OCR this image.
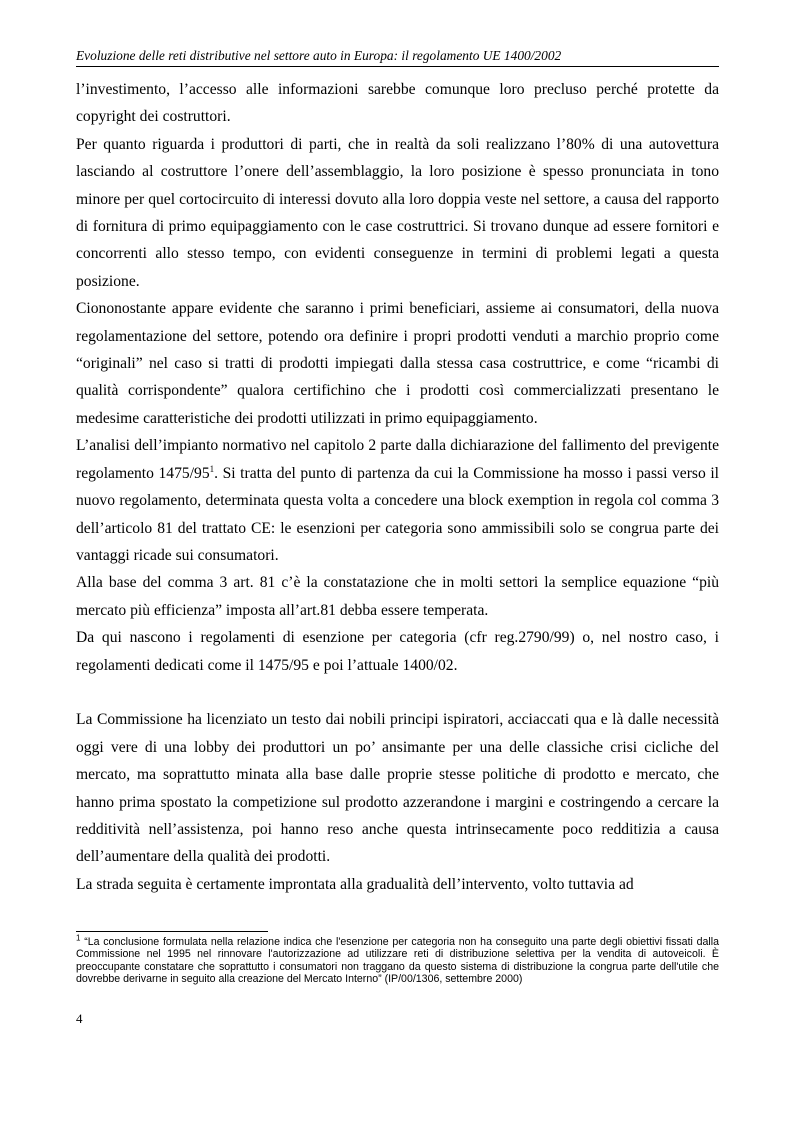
Evoluzione delle reti distributive nel settore auto in Europa: il regolamento UE 1400/2002

l’investimento, l’accesso alle informazioni sarebbe comunque loro precluso perché protette da copyright dei costruttori.

Per quanto riguarda i produttori di parti, che in realtà da soli realizzano l’80% di una autovettura lasciando al costruttore l’onere dell’assemblaggio, la loro posizione è spesso pronunciata in tono minore per quel cortocircuito di interessi dovuto alla loro doppia veste nel settore, a causa del rapporto di fornitura di primo equipaggiamento con le case costruttrici. Si trovano dunque ad essere fornitori e concorrenti allo stesso tempo, con evidenti conseguenze in termini di problemi legati a questa posizione.

Ciononostante appare evidente che saranno i primi beneficiari, assieme ai consumatori, della nuova regolamentazione del settore, potendo ora definire i propri prodotti venduti a marchio proprio come “originali” nel caso si tratti di prodotti impiegati dalla stessa casa costruttrice, e come “ricambi di qualità corrispondente” qualora certifichino che i prodotti così commercializzati presentano le medesime caratteristiche dei prodotti utilizzati in primo equipaggiamento.

L’analisi dell’impianto normativo nel capitolo 2 parte dalla dichiarazione del fallimento del previgente regolamento $1475/95^1$. Si tratta del punto di partenza da cui la Commissione ha mosso i passi verso il nuovo regolamento, determinata questa volta a concedere una block exemption in regola col comma 3 dell’articolo 81 del trattato CE: le esenzioni per categoria sono ammissibili solo se congrua parte dei vantaggi ricade sui consumatori.

Alla base del comma 3 art. 81 c’è la constatazione che in molti settori la semplice equazione “più mercato più efficienza” imposta all’art.81 debba essere temperata.

Da qui nascono i regolamenti di esenzione per categoria (cfr reg.2790/99) o, nel nostro caso, i regolamenti dedicati come il 1475/95 e poi l’attuale 1400/02.

La Commissione ha licenziato un testo dai nobili principi ispiratori, acciaccati qua e là dalle necessità oggi vere di una lobby dei produttori un po’ ansimante per una delle classiche crisi cicliche del mercato, ma soprattutto minata alla base dalle proprie stesse politiche di prodotto e mercato, che hanno prima spostato la competizione sul prodotto azzerandone i margini e costringendo a cercare la redditività nell’assistenza, poi hanno reso anche questa intrinsecamente poco redditizia a causa dell’aumentare della qualità dei prodotti.

La strada seguita è certamente improntata alla gradualità dell’intervento, volto tuttavia ad

$^1$ “La conclusione formulata nella relazione indica che l'esenzione per categoria non ha conseguito una parte degli obiettivi fissati dalla Commissione nel 1995 nel rinnovare l'autorizzazione ad utilizzare reti di distribuzione selettiva per la vendita di autoveicoli. È preoccupante constatare che soprattutto i consumatori non traggano da questo sistema di distribuzione la congrua parte dell'utile che dovrebbe derivarne in seguito alla creazione del Mercato Interno” (IP/00/1306, settembre 2000)
4
